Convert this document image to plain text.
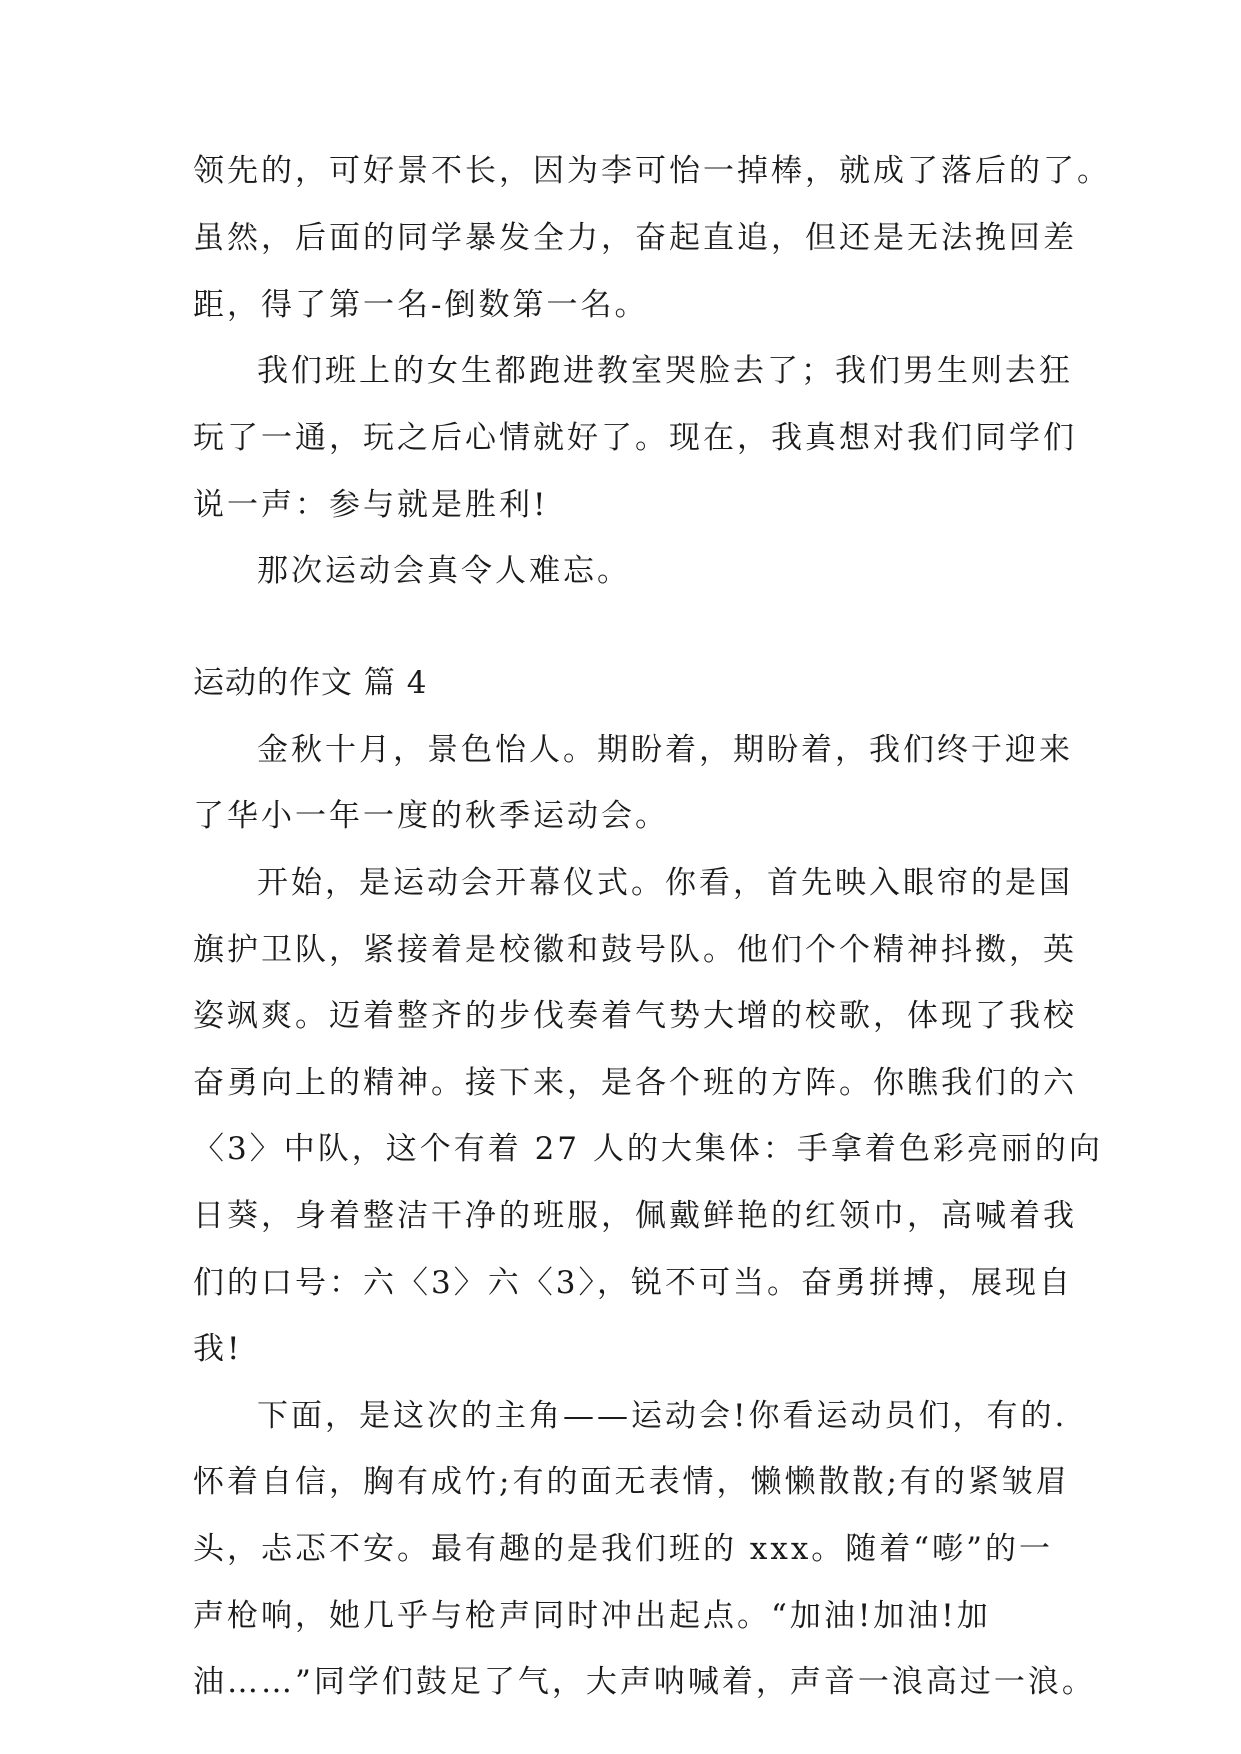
领先的，可好景不长，因为李可怡一掉棒，就成了落后的了。
虽然，后面的同学暴发全力，奋起直追，但还是无法挽回差
距，得了第一名-倒数第一名。
我们班上的女生都跑进教室哭脸去了；我们男生则去狂
玩了一通，玩之后心情就好了。现在，我真想对我们同学们
说一声：参与就是胜利!
那次运动会真令人难忘。
运动的作文 篇 4
金秋十月，景色怡人。期盼着，期盼着，我们终于迎来
了华小一年一度的秋季运动会。
开始，是运动会开幕仪式。你看，首先映入眼帘的是国
旗护卫队，紧接着是校徽和鼓号队。他们个个精神抖擞，英
姿飒爽。迈着整齐的步伐奏着气势大增的校歌，体现了我校
奋勇向上的精神。接下来，是各个班的方阵。你瞧我们的六
〈3〉中队，这个有着 27 人的大集体：手拿着色彩亮丽的向
日葵，身着整洁干净的班服，佩戴鲜艳的红领巾，高喊着我
们的口号：六〈3〉六〈3〉，锐不可当。奋勇拼搏，展现自
我!
下面，是这次的主角——运动会!你看运动员们，有的.
怀着自信，胸有成竹;有的面无表情，懒懒散散;有的紧皱眉
头，忐忑不安。最有趣的是我们班的 xxx。随着“嘭”的一
声枪响，她几乎与枪声同时冲出起点。“加油!加油!加
油……”同学们鼓足了气，大声呐喊着，声音一浪高过一浪。
